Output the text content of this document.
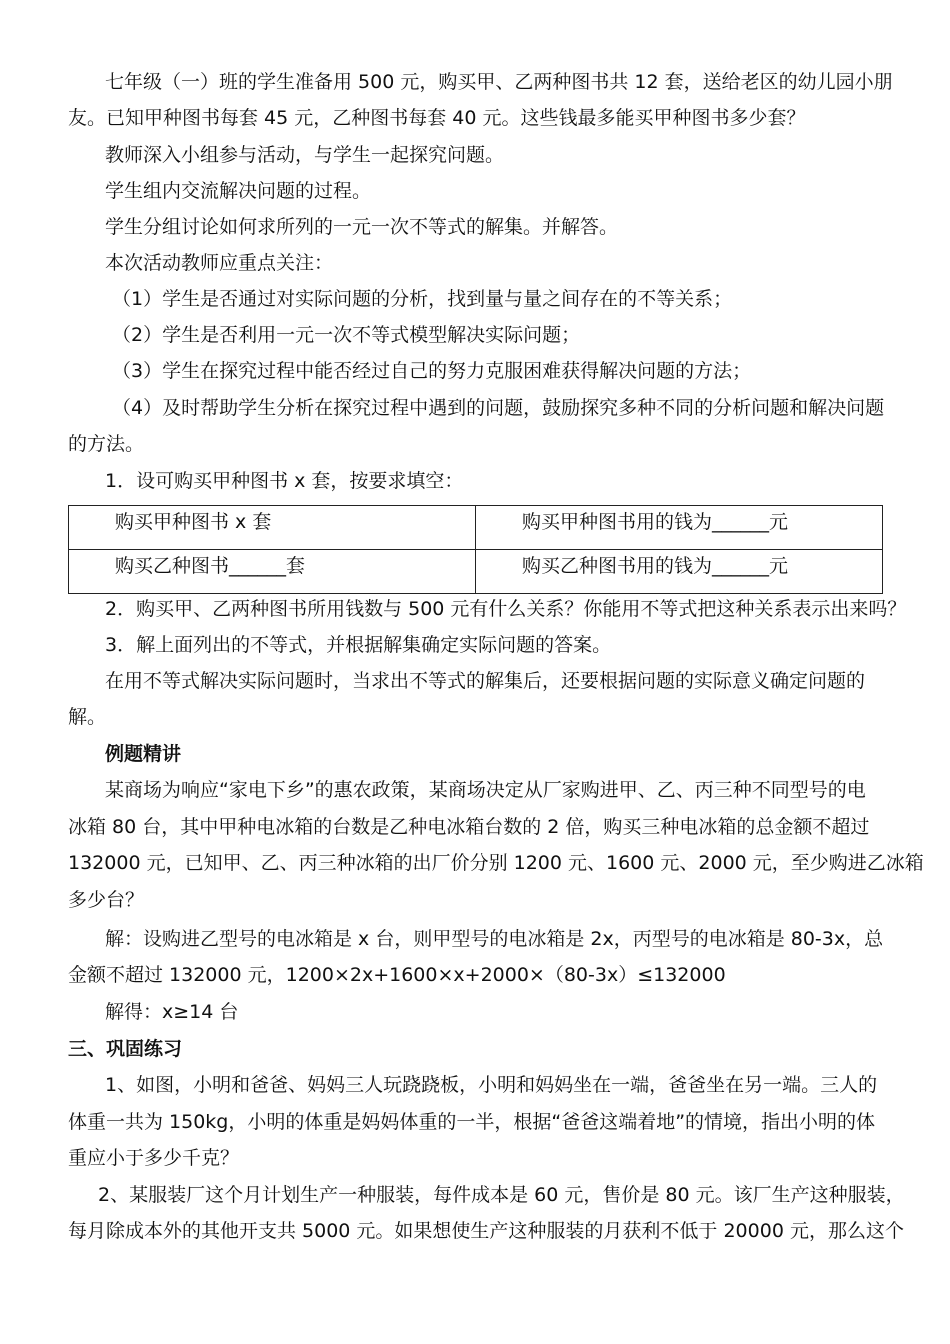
七年级（一）班的学生准备用 500 元，购买甲、乙两种图书共 12 套，送给老区的幼儿园小朋
友。已知甲种图书每套 45 元，乙种图书每套 40 元。这些钱最多能买甲种图书多少套？
教师深入小组参与活动，与学生一起探究问题。
学生组内交流解决问题的过程。
学生分组讨论如何求所列的一元一次不等式的解集。并解答。
本次活动教师应重点关注：
（1）学生是否通过对实际问题的分析，找到量与量之间存在的不等关系；
（2）学生是否利用一元一次不等式模型解决实际问题；
（3）学生在探究过程中能否经过自己的努力克服困难获得解决问题的方法；
（4）及时帮助学生分析在探究过程中遇到的问题，鼓励探究多种不同的分析问题和解决问题
的方法。
1．设可购买甲种图书 x 套，按要求填空：
购买甲种图书 x 套	购买甲种图书用的钱为______元
购买乙种图书______套	购买乙种图书用的钱为______元
2．购买甲、乙两种图书所用钱数与 500 元有什么关系？你能用不等式把这种关系表示出来吗？
3．解上面列出的不等式，并根据解集确定实际问题的答案。
在用不等式解决实际问题时，当求出不等式的解集后，还要根据问题的实际意义确定问题的
解。
例题精讲
某商场为响应“家电下乡”的惠农政策，某商场决定从厂家购进甲、乙、丙三种不同型号的电
冰箱 80 台，其中甲种电冰箱的台数是乙种电冰箱台数的 2 倍，购买三种电冰箱的总金额不超过
132000 元，已知甲、乙、丙三种冰箱的出厂价分别 1200 元、1600 元、2000 元，至少购进乙冰箱
多少台？
解：设购进乙型号的电冰箱是 x 台，则甲型号的电冰箱是 2x，丙型号的电冰箱是 80-3x，总
金额不超过 132000 元，1200×2x+1600×x+2000×（80-3x）≤132000
解得：x≥14 台
三、巩固练习
1、如图，小明和爸爸、妈妈三人玩跷跷板，小明和妈妈坐在一端，爸爸坐在另一端。三人的
体重一共为 150kg，小明的体重是妈妈体重的一半，根据“爸爸这端着地”的情境，指出小明的体
重应小于多少千克？
2、某服装厂这个月计划生产一种服装，每件成本是 60 元，售价是 80 元。该厂生产这种服装，
每月除成本外的其他开支共 5000 元。如果想使生产这种服装的月获利不低于 20000 元，那么这个
